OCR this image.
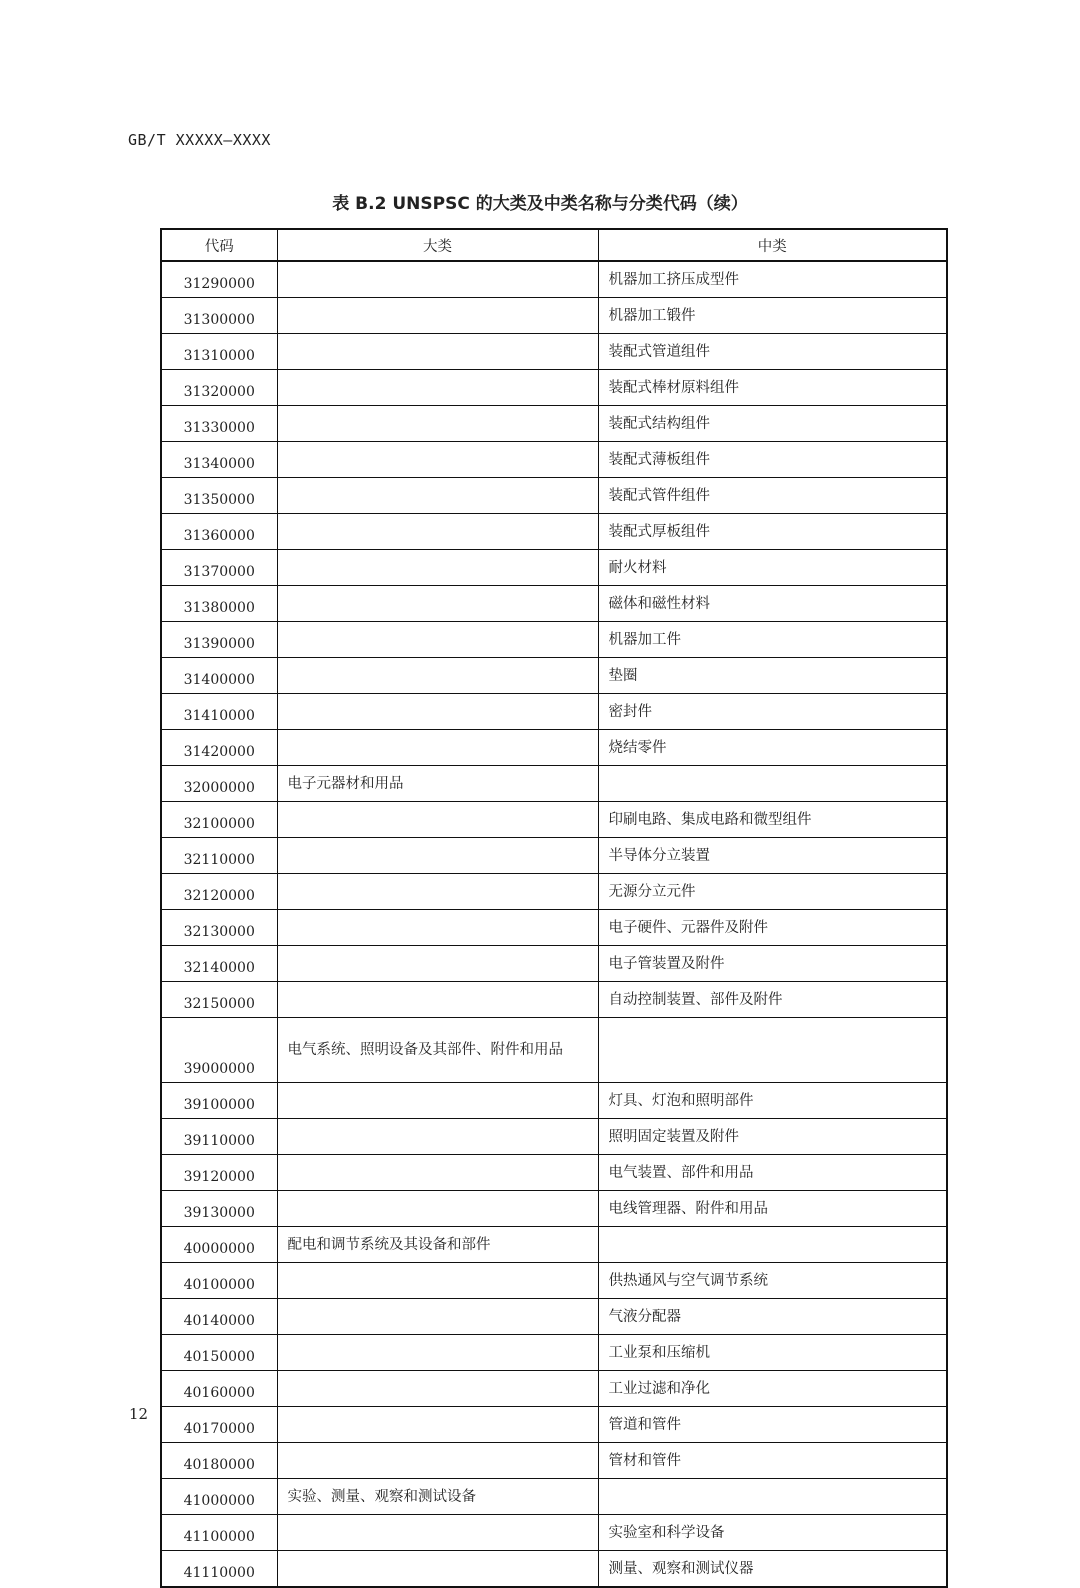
GB/T XXXXX—XXXX
表 B.2 UNSPSC 的大类及中类名称与分类代码（续）
代码	大类	中类
31290000		机器加工挤压成型件
31300000		机器加工锻件
31310000		装配式管道组件
31320000		装配式棒材原料组件
31330000		装配式结构组件
31340000		装配式薄板组件
31350000		装配式管件组件
31360000		装配式厚板组件
31370000		耐火材料
31380000		磁体和磁性材料
31390000		机器加工件
31400000		垫圈
31410000		密封件
31420000		烧结零件
32000000	电子元器材和用品	
32100000		印刷电路、集成电路和微型组件
32110000		半导体分立装置
32120000		无源分立元件
32130000		电子硬件、元器件及附件
32140000		电子管装置及附件
32150000		自动控制装置、部件及附件
39000000	电气系统、照明设备及其部件、附件和用品	
39100000		灯具、灯泡和照明部件
39110000		照明固定装置及附件
39120000		电气装置、部件和用品
39130000		电线管理器、附件和用品
40000000	配电和调节系统及其设备和部件	
40100000		供热通风与空气调节系统
40140000		气液分配器
40150000		工业泵和压缩机
40160000		工业过滤和净化
40170000		管道和管件
40180000		管材和管件
41000000	实验、测量、观察和测试设备	
41100000		实验室和科学设备
41110000		测量、观察和测试仪器
12
